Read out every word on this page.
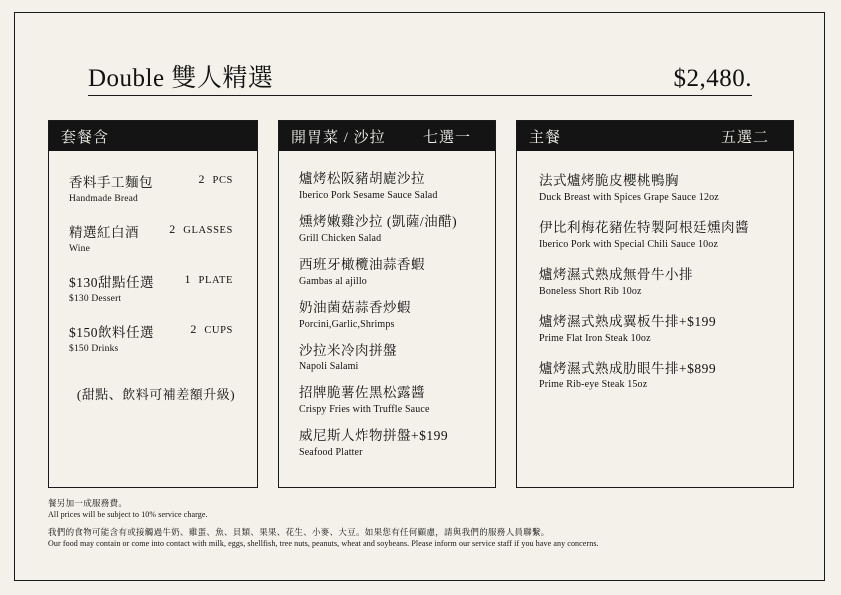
Double 雙人精選	$2,480.
套餐含
香料手工麵包	2 PCS
Handmade Bread
精選紅白酒	2 GLASSES
Wine
$130甜點任選	1 PLATE
$130 Dessert
$150飲料任選	2 CUPS
$150 Drinks
(甜點、飲料可補差額升級)
開胃菜 / 沙拉 七選一
爐烤松阪豬胡廘沙拉
Iberico Pork Sesame Sauce Salad
燻烤嫩雞沙拉 (凱薩/油醋)
Grill Chicken Salad
西班牙橄欖油蒜香蝦
Gambas al ajillo
奶油菌菇蒜香炒蝦
Porcini,Garlic,Shrimps
沙拉米冷肉拼盤
Napoli Salami
招牌脆薯佐黑松露醬
Crispy Fries with Truffle Sauce
威尼斯人炸物拼盤+$199
Seafood Platter
主餐	五選二
法式爐烤脆皮櫻桃鴨胸
Duck Breast with Spices Grape Sauce 12oz
伊比利梅花豬佐特製阿根廷燻肉醬
Iberico Pork with Special Chili Sauce 10oz
爐烤濕式熟成無骨牛小排
Boneless Short Rib 10oz
爐烤濕式熟成翼板牛排+$199
Prime Flat Iron Steak 10oz
爐烤濕式熟成肋眼牛排+$899
Prime Rib-eye Steak 15oz
餐另加一成服務費。
All prices will be subject to 10% service charge.
我們的食物可能含有或接觸過牛奶、雞蛋、魚、貝類、果果、花生、小麥、大豆。如果您有任何顧慮，請與我們的服務人員聯繫。
Our food may contain or come into contact with milk, eggs, shellfish, tree nuts, peanuts, wheat and soybeans. Please inform our service staff if you have any concerns.
